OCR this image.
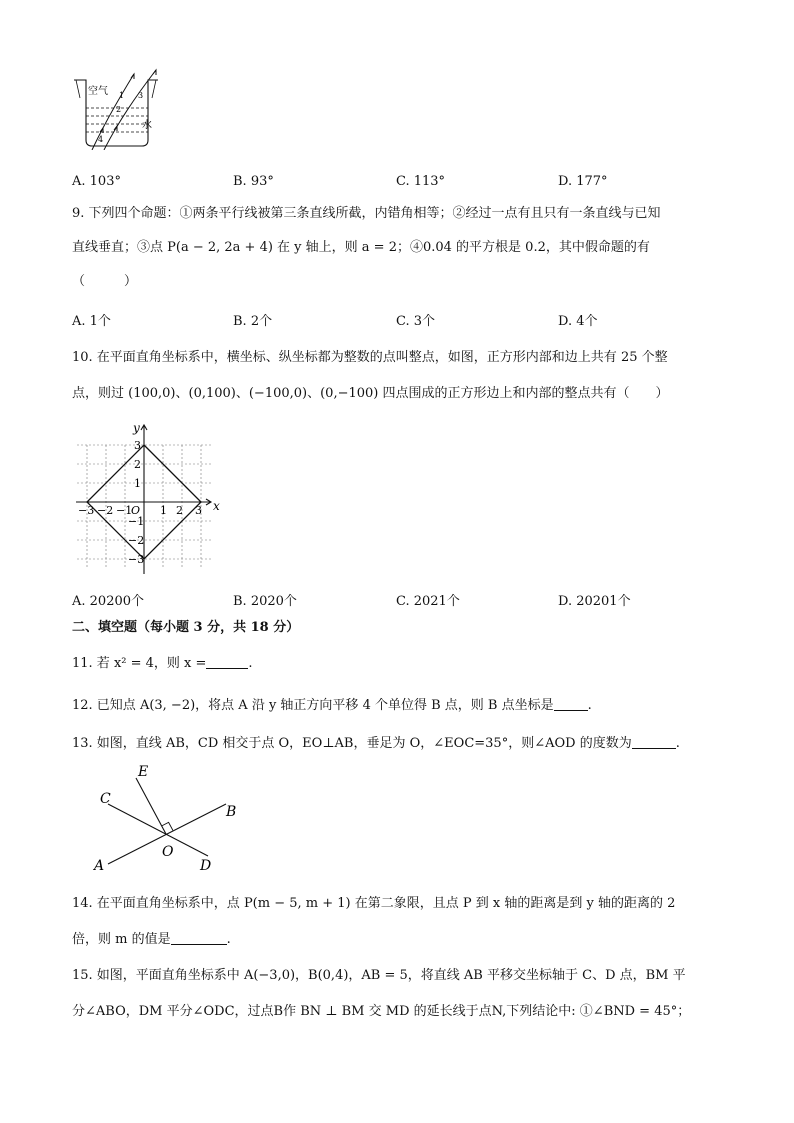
空气
水
1
2
3
4
A. 103°	B. 93°	C. 113°	D. 177°
9. 下列四个命题：①两条平行线被第三条直线所截，内错角相等；②经过一点有且只有一条直线与已知
直线垂直；③点 P(a − 2, 2a + 4) 在 y 轴上，则 a = 2；④0.04 的平方根是 0.2，其中假命题的有
（　　　）
A. 1个	B. 2个	C. 3个	D. 4个
10. 在平面直角坐标系中，横坐标、纵坐标都为整数的点叫整点，如图，正方形内部和边上共有 25 个整
点，则过 (100,0)、(0,100)、(−100,0)、(0,−100) 四点围成的正方形边上和内部的整点共有（　　）
x
y
−3 −2 −1
O 1 2 3
3
2
1
−1
−2
−3
A. 20200个	B. 2020个	C. 2021个	D. 20201个
二、填空题（每小题 3 分，共 18 分）
11. 若 x² = 4，则 x =	.
12. 已知点 A(3, −2)，将点 A 沿 y 轴正方向平移 4 个单位得 B 点，则 B 点坐标是	.
13. 如图，直线 AB，CD 相交于点 O，EO⊥AB，垂足为 O，∠EOC=35°，则∠AOD 的度数为	.
E
C
B
O
A	D
14. 在平面直角坐标系中，点 P(m − 5, m + 1) 在第二象限，且点 P 到 x 轴的距离是到 y 轴的距离的 2
倍，则 m 的值是	.
15. 如图，平面直角坐标系中 A(−3,0)，B(0,4)，AB = 5，将直线 AB 平移交坐标轴于 C、D 点，BM 平
分∠ABO，DM 平分∠ODC，过点B作 BN ⊥ BM 交 MD 的延长线于点N,下列结论中: ①∠BND = 45°；
